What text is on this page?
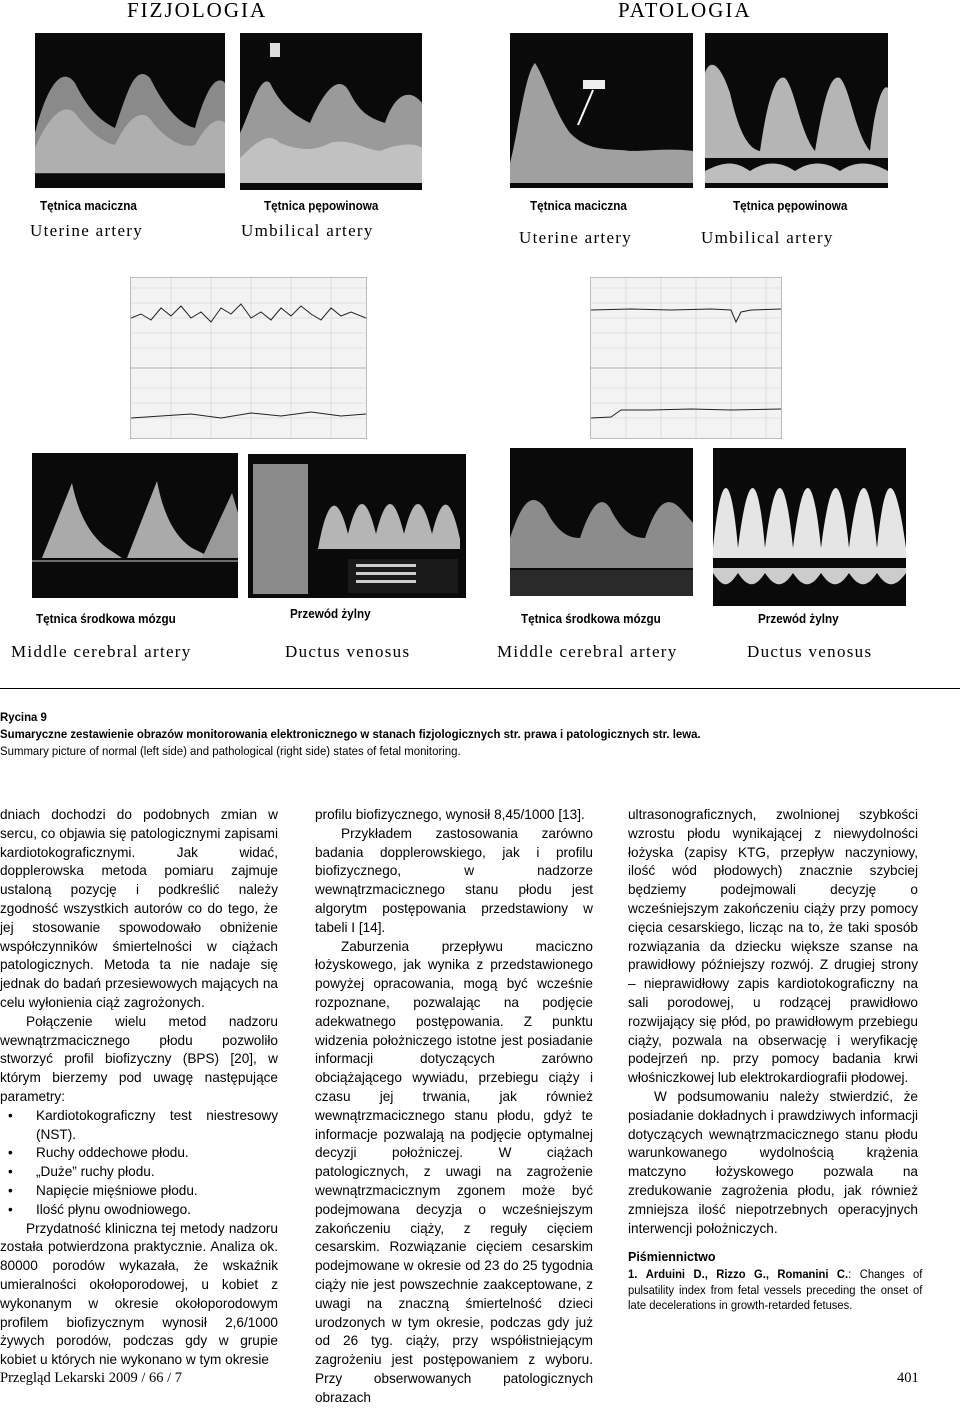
FIZJOLOGIA	PATOLOGIA
Tętnica maciczna
Uterine artery
Tętnica pępowinowa
Umbilical artery
Tętnica maciczna
Uterine artery
Tętnica pępowinowa
Umbilical artery
Tętnica środkowa mózgu
Middle cerebral artery
Przewód żylny
Ductus venosus
Tętnica środkowa mózgu
Middle cerebral artery
Przewód żylny
Ductus venosus
Rycina 9
Sumaryczne zestawienie obrazów monitorowania elektronicznego w stanach fizjologicznych str. prawa i patologicznych str. lewa.
Summary picture of normal (left side) and pathological (right side) states of fetal monitoring.

dniach dochodzi do podobnych zmian w sercu, co objawia się patologicznymi zapisami kardiotokograficznymi. Jak widać, dopplerowska metoda pomiaru zajmuje ustaloną pozycję i podkreślić należy zgodność wszystkich autorów co do tego, że jej stosowanie spowodowało obniżenie współczynników śmiertelności w ciążach patologicznych. Metoda ta nie nadaje się jednak do badań przesiewowych mających na celu wyłonienia ciąż zagrożonych.

Połączenie wielu metod nadzoru wewnątrzmacicznego płodu pozwoliło stworzyć profil biofizyczny (BPS) [20], w którym bierzemy pod uwagę następujące parametry:

• Kardiotokograficzny test niestresowy (NST).
• Ruchy oddechowe płodu.
• „Duże” ruchy płodu.
• Napięcie mięśniowe płodu.
• Ilość płynu owodniowego.

Przydatność kliniczna tej metody nadzoru została potwierdzona praktycznie. Analiza ok. 80000 porodów wykazała, że wskaźnik umieralności okołoporodowej, u kobiet z wykonanym w okresie okołoporodowym profilem biofizycznym wynosił 2,6/1000 żywych porodów, podczas gdy w grupie kobiet u których nie wykonano w tym okresie

profilu biofizycznego, wynosił 8,45/1000 [13].

Przykładem zastosowania zarówno badania dopplerowskiego, jak i profilu biofizycznego, w nadzorze wewnątrzmacicznego stanu płodu jest algorytm postępowania przedstawiony w tabeli I [14].

Zaburzenia przepływu maciczno łożyskowego, jak wynika z przedstawionego powyżej opracowania, mogą być wcześnie rozpoznane, pozwalając na podjęcie adekwatnego postępowania. Z punktu widzenia położniczego istotne jest posiadanie informacji dotyczących zarówno obciążającego wywiadu, przebiegu ciąży i czasu jej trwania, jak również wewnątrzmacicznego stanu płodu, gdyż te informacje pozwalają na podjęcie optymalnej decyzji położniczej. W ciążach patologicznych, z uwagi na zagrożenie wewnątrzmacicznym zgonem może być podejmowana decyzja o wcześniejszym zakończeniu ciąży, z reguły cięciem cesarskim. Rozwiązanie cięciem cesarskim podejmowane w okresie od 23 do 25 tygodnia ciąży nie jest powszechnie zaakceptowane, z uwagi na znaczną śmiertelność dzieci urodzonych w tym okresie, podczas gdy już od 26 tyg. ciąży, przy współistniejącym zagrożeniu jest postępowaniem z wyboru. Przy obserwowanych patologicznych obrazach

ultrasonograficznych, zwolnionej szybkości wzrostu płodu wynikającej z niewydolności łożyska (zapisy KTG, przepływ naczyniowy, ilość wód płodowych) znacznie szybciej będziemy podejmowali decyzję o wcześniejszym zakończeniu ciąży przy pomocy cięcia cesarskiego, licząc na to, że taki sposób rozwiązania da dziecku większe szanse na prawidłowy późniejszy rozwój. Z drugiej strony – nieprawidłowy zapis kardiotokograficzny na sali porodowej, u rodzącej prawidłowo rozwijający się płód, po prawidłowym przebiegu ciąży, pozwala na obserwację i weryfikację podejrzeń np. przy pomocy badania krwi włośniczkowej lub elektrokardiografii płodowej.

W podsumowaniu należy stwierdzić, że posiadanie dokładnych i prawdziwych informacji dotyczących wewnątrzmacicznego stanu płodu warunkowanego wydolnością krążenia matczyno łożyskowego pozwala na zredukowanie zagrożenia płodu, jak również zmniejsza ilość niepotrzebnych operacyjnych interwencji położniczych.

Piśmiennictwo
1. Arduini D., Rizzo G., Romanini C.: Changes of pulsatility index from fetal vessels preceding the onset of late decelerations in growth-retarded fetuses.
Przegląd Lekarski 2009 / 66 / 7	401
